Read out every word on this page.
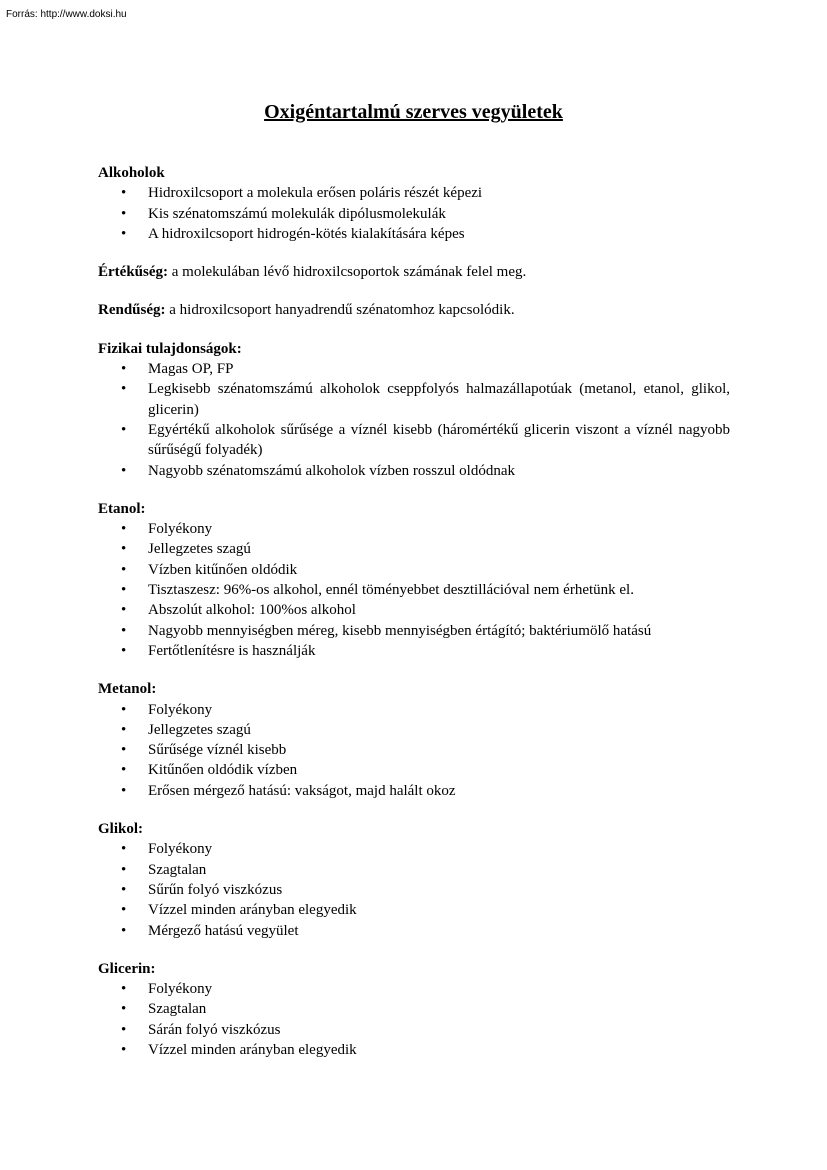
Forrás: http://www.doksi.hu
Oxigéntartalmú szerves vegyületek

Alkoholok

• Hidroxilcsoport a molekula erősen poláris részét képezi
• Kis szénatomszámú molekulák dipólusmolekulák
• A hidroxilcsoport hidrogén-kötés kialakítására képes

Értékűség: a molekulában lévő hidroxilcsoportok számának felel meg.

Rendűség: a hidroxilcsoport hanyadrendű szénatomhoz kapcsolódik.

Fizikai tulajdonságok:

• Magas OP, FP
• Legkisebb szénatomszámú alkoholok cseppfolyós halmazállapotúak (metanol, etanol, glikol, glicerin)
• Egyértékű alkoholok sűrűsége a víznél kisebb (háromértékű glicerin viszont a víznél nagyobb sűrűségű folyadék)
• Nagyobb szénatomszámú alkoholok vízben rosszul oldódnak

Etanol:

• Folyékony
• Jellegzetes szagú
• Vízben kitűnően oldódik
• Tisztaszesz: 96%-os alkohol, ennél töményebbet desztillációval nem érhetünk el.
• Abszolút alkohol: 100%os alkohol
• Nagyobb mennyiségben méreg, kisebb mennyiségben értágító; baktériumölő hatású
• Fertőtlenítésre is használják

Metanol:

• Folyékony
• Jellegzetes szagú
• Sűrűsége víznél kisebb
• Kitűnően oldódik vízben
• Erősen mérgező hatású: vakságot, majd halált okoz

Glikol:

• Folyékony
• Szagtalan
• Sűrűn folyó viszkózus
• Vízzel minden arányban elegyedik
• Mérgező hatású vegyület

Glicerin:

• Folyékony
• Szagtalan
• Sárán folyó viszkózus
• Vízzel minden arányban elegyedik
